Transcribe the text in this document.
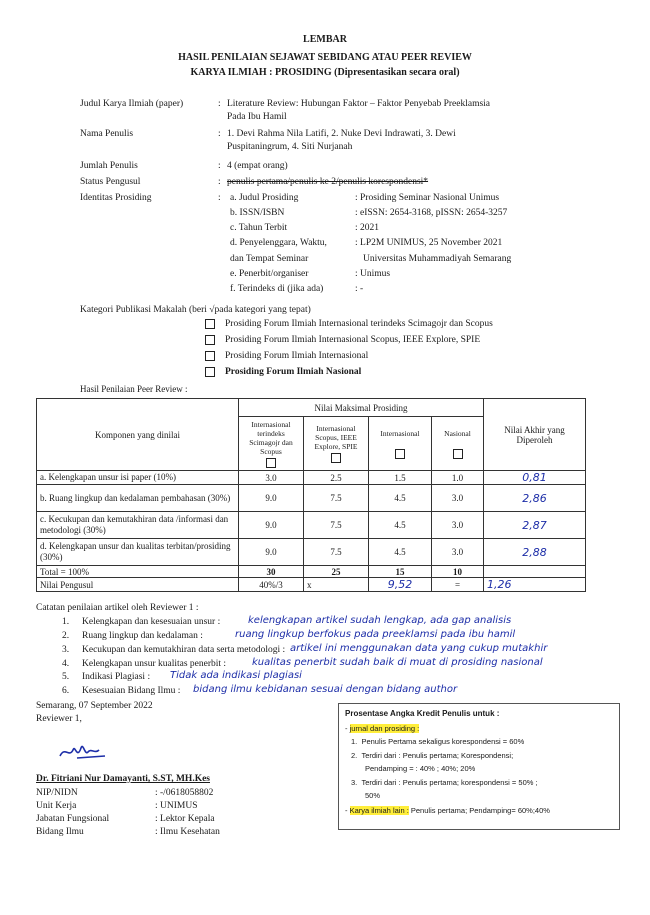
LEMBAR
HASIL PENILAIAN SEJAWAT SEBIDANG ATAU PEER REVIEW
KARYA ILMIAH : PROSIDING (Dipresentasikan secara oral)
Judul Karya Ilmiah (paper)	: Literature Review: Hubungan Faktor – Faktor Penyebab Preeklamsia
Pada Ibu Hamil
Nama Penulis	: 1. Devi Rahma Nila Latifi, 2. Nuke Devi Indrawati, 3. Dewi
Puspitaningrum, 4. Siti Nurjanah
Jumlah Penulis	: 4 (empat orang)
Status Pengusul	: penulis pertama/penulis ke 2/penulis korespondensi*
Identitas Prosiding	: a. Judul Prosiding	: Prosiding Seminar Nasional Unimus
b. ISSN/ISBN	: eISSN: 2654-3168, pISSN: 2654-3257
c. Tahun Terbit	: 2021
d. Penyelenggara, Waktu,	: LP2M UNIMUS, 25 November 2021
dan Tempat Seminar	Universitas Muhammadiyah Semarang
e. Penerbit/organiser	: Unimus
f. Terindeks di (jika ada)	: -
Kategori Publikasi Makalah (beri √pada kategori yang tepat)
Prosiding Forum Ilmiah Internasional terindeks Scimagojr dan Scopus
Prosiding Forum Ilmiah Internasional Scopus, IEEE Explore, SPIE
Prosiding Forum Ilmiah Internasional
Prosiding Forum Ilmiah Nasional
Hasil Penilaian Peer Review :
Komponen yang dinilai	Nilai Maksimal Prosiding				Nilai Akhir yang Diperoleh

	Internasional terindeks Scimagojr dan Scopus	Internasional Scopus, IEEE Explore, SPIE	Internasional	Nasional	

a. Kelengkapan unsur isi paper (10%)	3.0	2.5	1.5	1.0	0,81
b. Ruang lingkup dan kedalaman pembahasan (30%)	9.0	7.5	4.5	3.0	2,86
c. Kecukupan dan kemutakhiran data /informasi dan metodologi (30%)	9.0	7.5	4.5	3.0	2,87
d. Kelengkapan unsur dan kualitas terbitan/prosiding (30%)	9.0	7.5	4.5	3.0	2,88
Total = 100%	30	25	15	10	
Nilai Pengusul	40%/3	x	9,52	=	1,26
Catatan penilaian artikel oleh Reviewer 1 :
1. Kelengkapan dan kesesuaian unsur :	kelengkapan artikel sudah lengkap, ada gap analisis
2. Ruang lingkup dan kedalaman :	ruang lingkup berfokus pada preeklamsi pada ibu hamil
3. Kecukupan dan kemutakhiran data serta metodologi : artikel ini menggunakan data yang cukup mutakhir
4. Kelengkapan unsur kualitas penerbit :	kualitas penerbit sudah baik di muat di prosiding nasional
5. Indikasi Plagiasi : Tidak ada indikasi plagiasi
6. Kesesuaian Bidang Ilmu : bidang ilmu kebidanan sesuai dengan bidang author
Semarang, 07 September 2022
Reviewer 1,
Dr. Fitriani Nur Damayanti, S.ST, MH.Kes
NIP/NIDN	: -/0618058802
Unit Kerja	: UNIMUS
Jabatan Fungsional	: Lektor Kepala
Bidang Ilmu	: Ilmu Kesehatan
Prosentase Angka Kredit Penulis untuk :
- jurnal dan prosiding :
1.  Penulis Pertama sekaligus korespondensi = 60%
2.  Terdiri dari : Penulis pertama; Korespondensi;
Pendamping = : 40% ; 40%; 20%
3.  Terdiri dari : Penulis pertama; korespondensi = 50% ;
50%
- Karya ilmiah lain : Penulis pertama; Pendamping= 60%;40%
